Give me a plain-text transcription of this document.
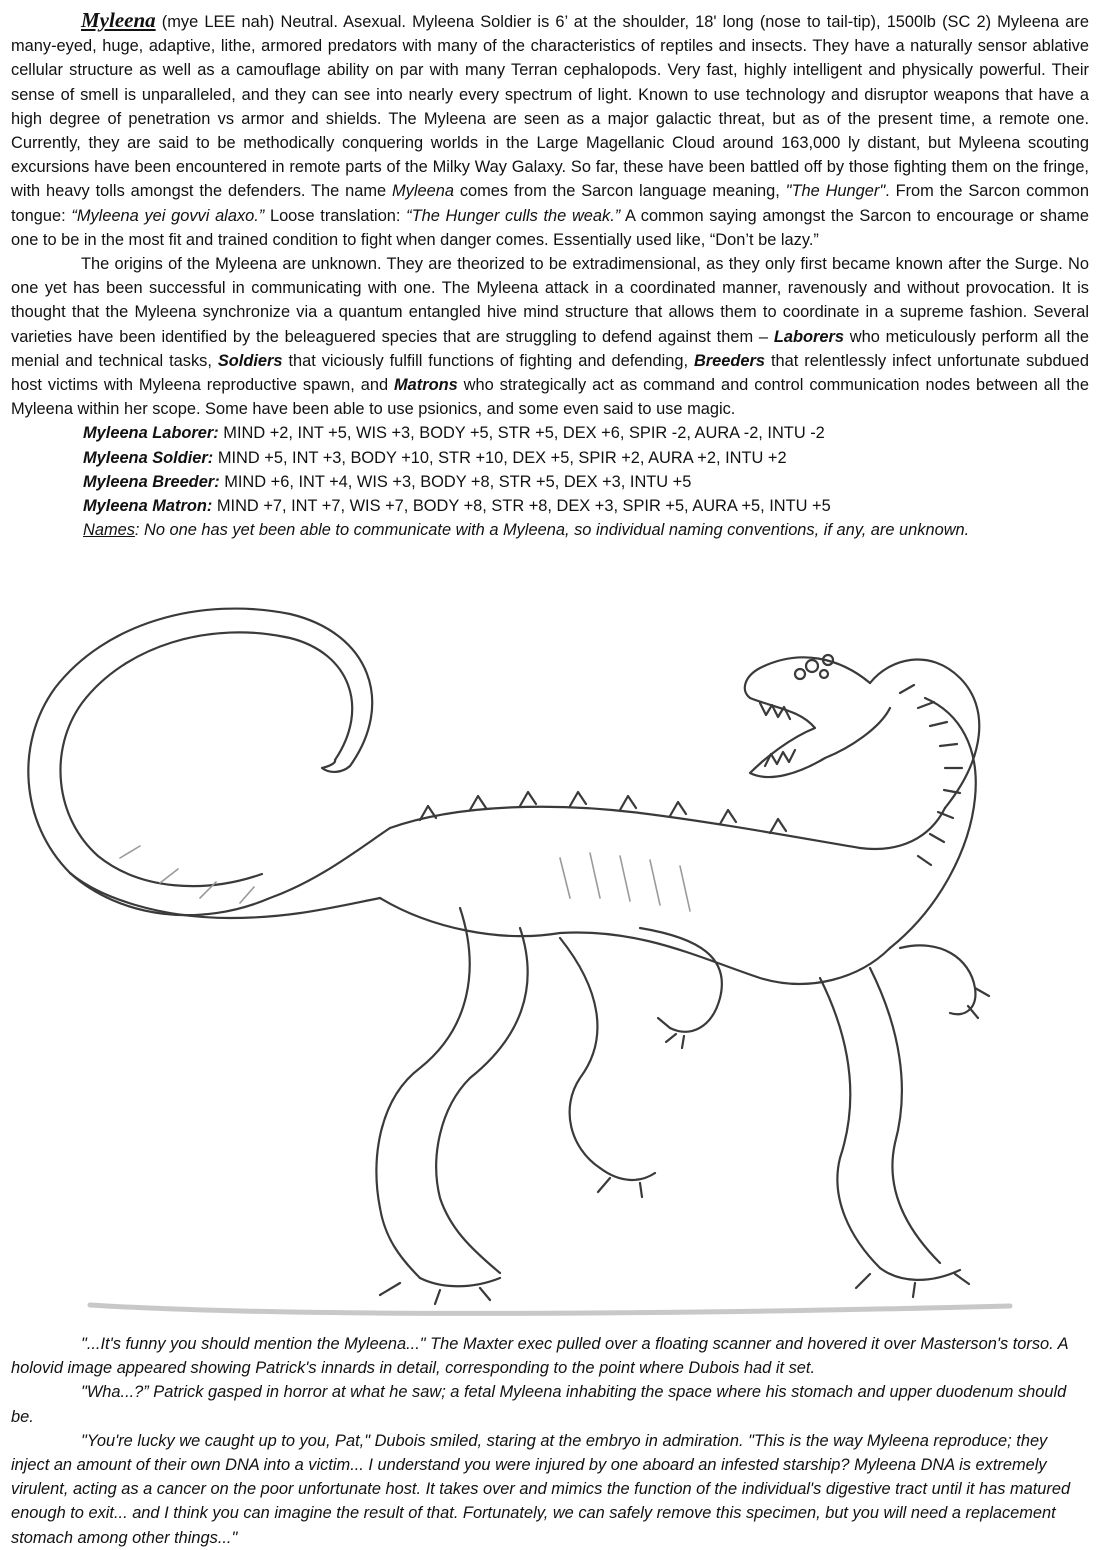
Myleena (mye LEE nah) Neutral. Asexual. Myleena Soldier is 6’ at the shoulder, 18' long (nose to tail-tip), 1500lb (SC 2) Myleena are many-eyed, huge, adaptive, lithe, armored predators with many of the characteristics of reptiles and insects. They have a naturally sensor ablative cellular structure as well as a camouflage ability on par with many Terran cephalopods. Very fast, highly intelligent and physically powerful. Their sense of smell is unparalleled, and they can see into nearly every spectrum of light. Known to use technology and disruptor weapons that have a high degree of penetration vs armor and shields. The Myleena are seen as a major galactic threat, but as of the present time, a remote one. Currently, they are said to be methodically conquering worlds in the Large Magellanic Cloud around 163,000 ly distant, but Myleena scouting excursions have been encountered in remote parts of the Milky Way Galaxy. So far, these have been battled off by those fighting them on the fringe, with heavy tolls amongst the defenders. The name Myleena comes from the Sarcon language meaning, "The Hunger". From the Sarcon common tongue: “Myleena yei govvi alaxo.” Loose translation: “The Hunger culls the weak.” A common saying amongst the Sarcon to encourage or shame one to be in the most fit and trained condition to fight when danger comes. Essentially used like, “Don’t be lazy.”

The origins of the Myleena are unknown. They are theorized to be extradimensional, as they only first became known after the Surge. No one yet has been successful in communicating with one. The Myleena attack in a coordinated manner, ravenously and without provocation. It is thought that the Myleena synchronize via a quantum entangled hive mind structure that allows them to coordinate in a supreme fashion. Several varieties have been identified by the beleaguered species that are struggling to defend against them – Laborers who meticulously perform all the menial and technical tasks, Soldiers that viciously fulfill functions of fighting and defending, Breeders that relentlessly infect unfortunate subdued host victims with Myleena reproductive spawn, and Matrons who strategically act as command and control communication nodes between all the Myleena within her scope. Some have been able to use psionics, and some even said to use magic.

Myleena Laborer: MIND +2, INT +5, WIS +3, BODY +5, STR +5, DEX +6, SPIR -2, AURA -2, INTU -2

Myleena Soldier: MIND +5, INT +3, BODY +10, STR +10, DEX +5, SPIR +2, AURA +2, INTU +2

Myleena Breeder: MIND +6, INT +4, WIS +3, BODY +8, STR +5, DEX +3, INTU +5

Myleena Matron: MIND +7, INT +7, WIS +7, BODY +8, STR +8, DEX +3, SPIR +5, AURA +5, INTU +5

Names: No one has yet been able to communicate with a Myleena, so individual naming conventions, if any, are unknown.

"...It's funny you should mention the Myleena..." The Maxter exec pulled over a floating scanner and hovered it over Masterson's torso. A holovid image appeared showing Patrick's innards in detail, corresponding to the point where Dubois had it set.

"Wha...?” Patrick gasped in horror at what he saw; a fetal Myleena inhabiting the space where his stomach and upper duodenum should be.

"You're lucky we caught up to you, Pat," Dubois smiled, staring at the embryo in admiration. "This is the way Myleena reproduce; they inject an amount of their own DNA into a victim... I understand you were injured by one aboard an infested starship? Myleena DNA is extremely virulent, acting as a cancer on the poor unfortunate host. It takes over and mimics the function of the individual's digestive tract until it has matured enough to exit... and I think you can imagine the result of that. Fortunately, we can safely remove this specimen, but you will need a replacement stomach among other things..."
